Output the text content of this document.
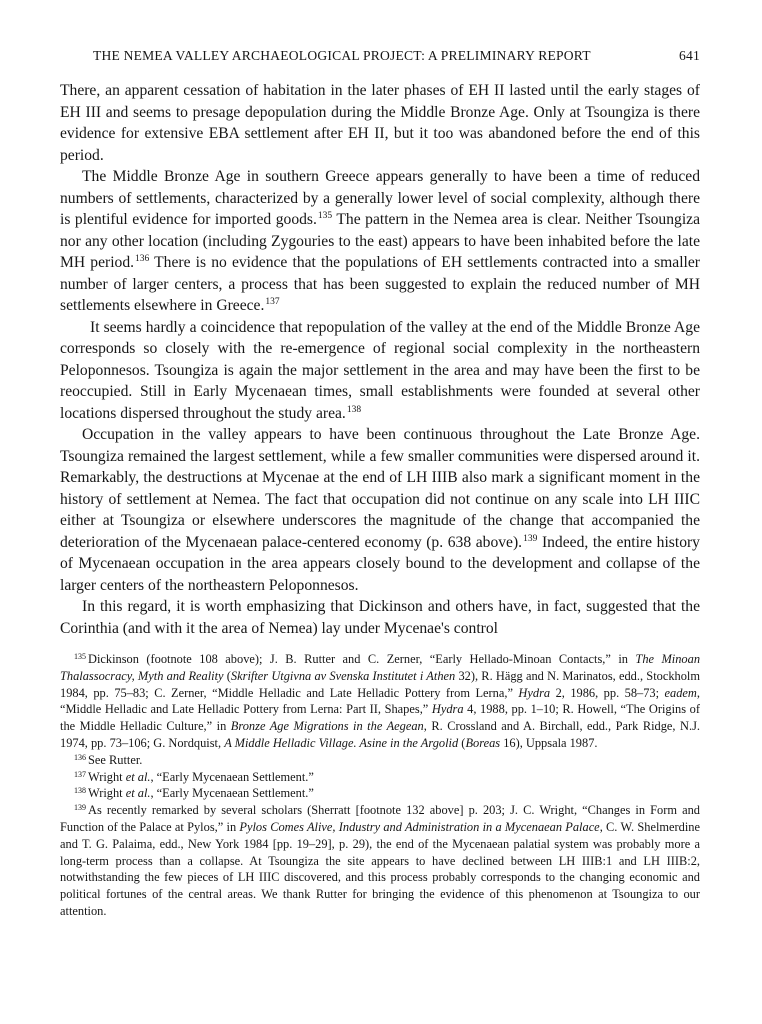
THE NEMEA VALLEY ARCHAEOLOGICAL PROJECT: A PRELIMINARY REPORT	641

There, an apparent cessation of habitation in the later phases of EH II lasted until the early stages of EH III and seems to presage depopulation during the Middle Bronze Age. Only at Tsoungiza is there evidence for extensive EBA settlement after EH II, but it too was abandoned before the end of this period.

The Middle Bronze Age in southern Greece appears generally to have been a time of reduced numbers of settlements, characterized by a generally lower level of social complexity, although there is plentiful evidence for imported goods.$^{135}$ The pattern in the Nemea area is clear. Neither Tsoungiza nor any other location (including Zygouries to the east) appears to have been inhabited before the late MH period.$^{136}$ There is no evidence that the populations of EH settlements contracted into a smaller number of larger centers, a process that has been suggested to explain the reduced number of MH settlements elsewhere in Greece.$^{137}$

It seems hardly a coincidence that repopulation of the valley at the end of the Middle Bronze Age corresponds so closely with the re-emergence of regional social complexity in the northeastern Peloponnesos. Tsoungiza is again the major settlement in the area and may have been the first to be reoccupied. Still in Early Mycenaean times, small establishments were founded at several other locations dispersed throughout the study area.$^{138}$

Occupation in the valley appears to have been continuous throughout the Late Bronze Age. Tsoungiza remained the largest settlement, while a few smaller communities were dispersed around it. Remarkably, the destructions at Mycenae at the end of LH IIIB also mark a significant moment in the history of settlement at Nemea. The fact that occupation did not continue on any scale into LH IIIC either at Tsoungiza or elsewhere underscores the magnitude of the change that accompanied the deterioration of the Mycenaean palace-centered economy (p. 638 above).$^{139}$ Indeed, the entire history of Mycenaean occupation in the area appears closely bound to the development and collapse of the larger centers of the northeastern Peloponnesos.

In this regard, it is worth emphasizing that Dickinson and others have, in fact, suggested that the Corinthia (and with it the area of Nemea) lay under Mycenae's control

$^{135}$ Dickinson (footnote 108 above); J. B. Rutter and C. Zerner, “Early Hellado-Minoan Contacts,” in The Minoan Thalassocracy, Myth and Reality (Skrifter Utgivna av Svenska Institutet i Athen 32), R. Hägg and N. Marinatos, edd., Stockholm 1984, pp. 75–83; C. Zerner, “Middle Helladic and Late Helladic Pottery from Lerna,” Hydra 2, 1986, pp. 58–73; eadem, “Middle Helladic and Late Helladic Pottery from Lerna: Part II, Shapes,” Hydra 4, 1988, pp. 1–10; R. Howell, “The Origins of the Middle Helladic Culture,” in Bronze Age Migrations in the Aegean, R. Crossland and A. Birchall, edd., Park Ridge, N.J. 1974, pp. 73–106; G. Nordquist, A Middle Helladic Village. Asine in the Argolid (Boreas 16), Uppsala 1987.

$^{136}$ See Rutter.

$^{137}$ Wright et al., “Early Mycenaean Settlement.”

$^{138}$ Wright et al., “Early Mycenaean Settlement.”

$^{139}$ As recently remarked by several scholars (Sherratt [footnote 132 above] p. 203; J. C. Wright, “Changes in Form and Function of the Palace at Pylos,” in Pylos Comes Alive, Industry and Administration in a Mycenaean Palace, C. W. Shelmerdine and T. G. Palaima, edd., New York 1984 [pp. 19–29], p. 29), the end of the Mycenaean palatial system was probably more a long-term process than a collapse. At Tsoungiza the site appears to have declined between LH IIIB:1 and LH IIIB:2, notwithstanding the few pieces of LH IIIC discovered, and this process probably corresponds to the changing economic and political fortunes of the central areas. We thank Rutter for bringing the evidence of this phenomenon at Tsoungiza to our attention.
